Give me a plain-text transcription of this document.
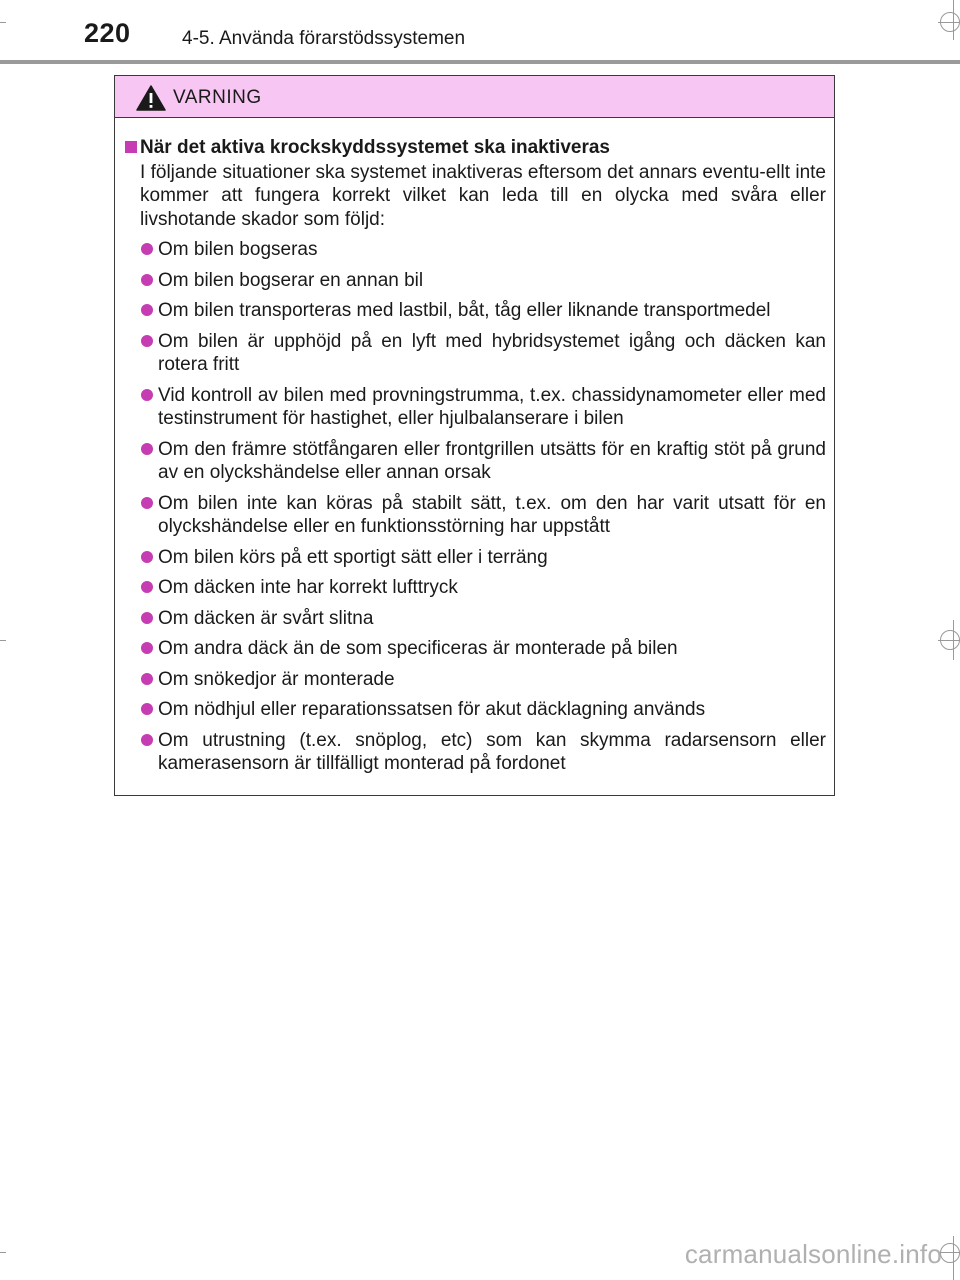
220	4-5. Använda förarstödssystemen
VARNING
När det aktiva krockskyddssystemet ska inaktiveras
I följande situationer ska systemet inaktiveras eftersom det annars eventu-ellt inte kommer att fungera korrekt vilket kan leda till en olycka med svåra eller livshotande skador som följd:
Om bilen bogseras
Om bilen bogserar en annan bil
Om bilen transporteras med lastbil, båt, tåg eller liknande transportmedel
Om bilen är upphöjd på en lyft med hybridsystemet igång och däcken kan rotera fritt
Vid kontroll av bilen med provningstrumma, t.ex. chassidynamometer eller med testinstrument för hastighet, eller hjulbalanserare i bilen
Om den främre stötfångaren eller frontgrillen utsätts för en kraftig stöt på grund av en olyckshändelse eller annan orsak
Om bilen inte kan köras på stabilt sätt, t.ex. om den har varit utsatt för en olyckshändelse eller en funktionsstörning har uppstått
Om bilen körs på ett sportigt sätt eller i terräng
Om däcken inte har korrekt lufttryck
Om däcken är svårt slitna
Om andra däck än de som specificeras är monterade på bilen
Om snökedjor är monterade
Om nödhjul eller reparationssatsen för akut däcklagning används
Om utrustning (t.ex. snöplog, etc) som kan skymma radarsensorn eller kamerasensorn är tillfälligt monterad på fordonet
carmanualsonline.info
